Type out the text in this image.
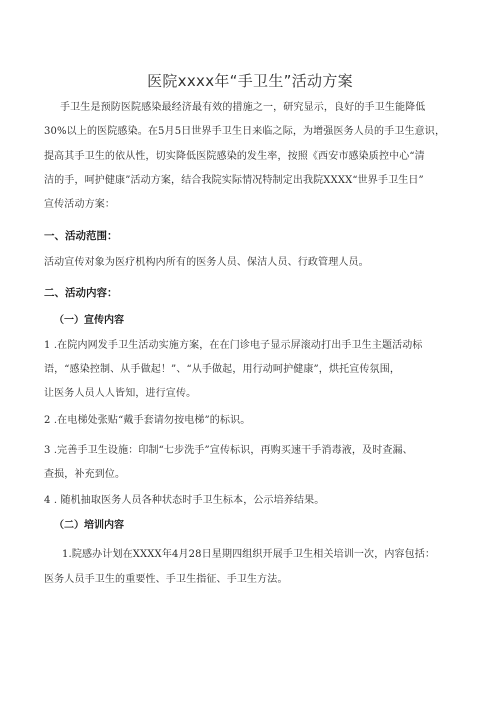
医院xxxx年“手卫生”活动方案
手卫生是预防医院感染最经济最有效的措施之一，研究显示，良好的手卫生能降低
30%以上的医院感染。在5月5日世界手卫生日来临之际，为增强医务人员的手卫生意识，
提高其手卫生的依从性，切实降低医院感染的发生率，按照《西安市感染质控中心“清
洁的手，呵护健康”活动方案，结合我院实际情况特制定出我院XXXX“世界手卫生日”
宣传活动方案：
一、活动范围：
活动宣传对象为医疗机构内所有的医务人员、保洁人员、行政管理人员。
二、活动内容：
（一）宣传内容
1 .在院内网发手卫生活动实施方案，在在门诊电子显示屏滚动打出手卫生主题活动标
语，“感染控制、从手做起！”、“从手做起，用行动呵护健康”，烘托宣传氛围，
让医务人员人人皆知，进行宣传。
2 .在电梯处张贴“戴手套请勿按电梯”的标识。
3 .完善手卫生设施：印制“七步洗手”宣传标识，再购买速干手消毒液，及时查漏、
查损，补充到位。
4 . 随机抽取医务人员各种状态时手卫生标本，公示培养结果。
（二）培训内容
1.院感办计划在XXXX年4月28日星期四组织开展手卫生相关培训一次，内容包括：
医务人员手卫生的重要性、手卫生指征、手卫生方法。
